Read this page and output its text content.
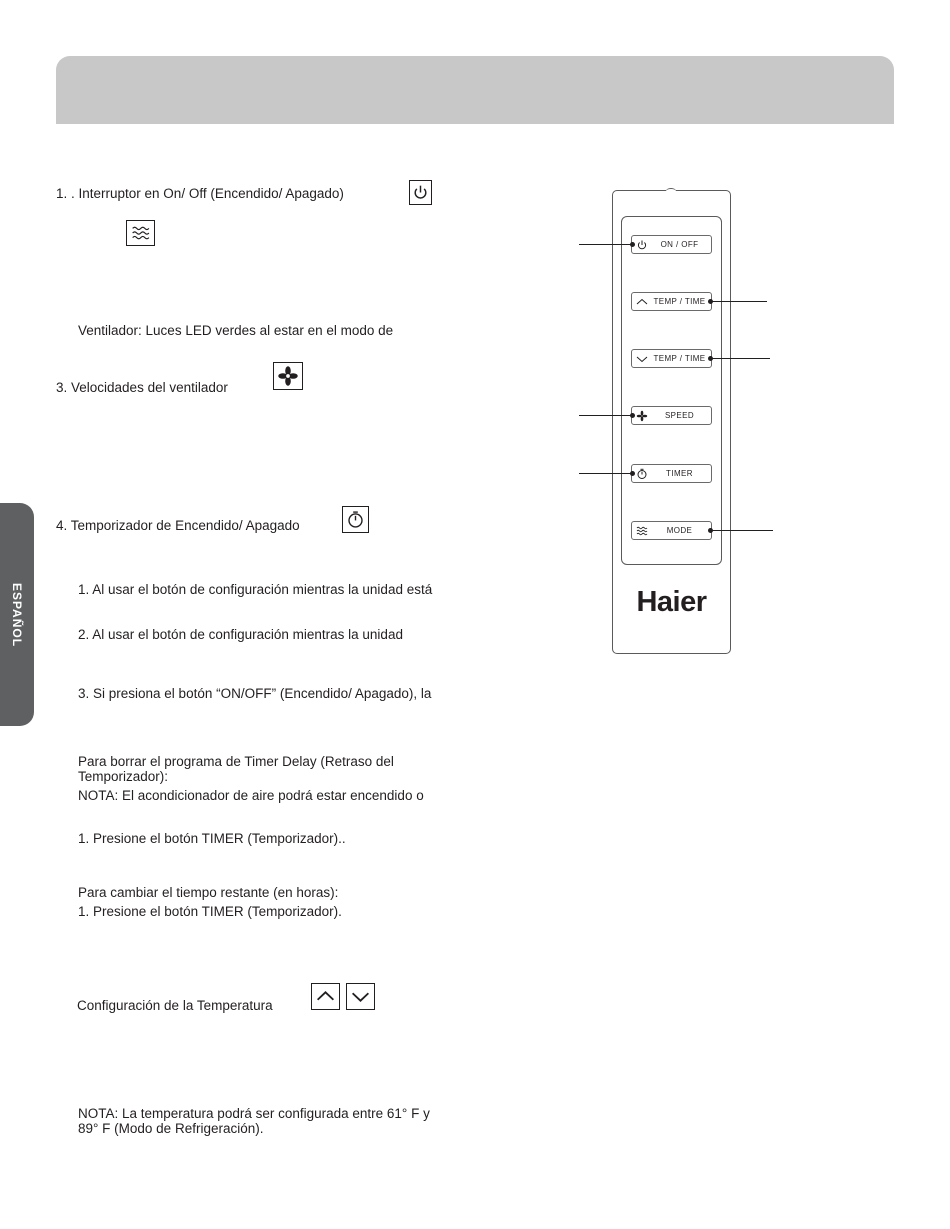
ESPAÑOL
1. . Interruptor en On/ Off (Encendido/ Apagado)
Ventilador: Luces LED verdes al estar en el modo de
3. Velocidades del ventilador
4. Temporizador de Encendido/ Apagado
1. Al usar el botón de configuración mientras la unidad está
2. Al usar el botón de configuración mientras la unidad
3. Si presiona el botón “ON/OFF” (Encendido/ Apagado), la
Para borrar el programa de Timer Delay (Retraso del
Temporizador):
NOTA: El acondicionador de aire podrá estar encendido o
1. Presione el botón TIMER (Temporizador)..
Para cambiar el tiempo restante (en horas):
1. Presione el botón TIMER (Temporizador).
Configuración de la Temperatura
NOTA: La temperatura podrá ser configurada entre 61° F y
89° F (Modo de Refrigeración).
ON / OFF
TEMP / TIME
TEMP / TIME
SPEED
TIMER
MODE
Haier
